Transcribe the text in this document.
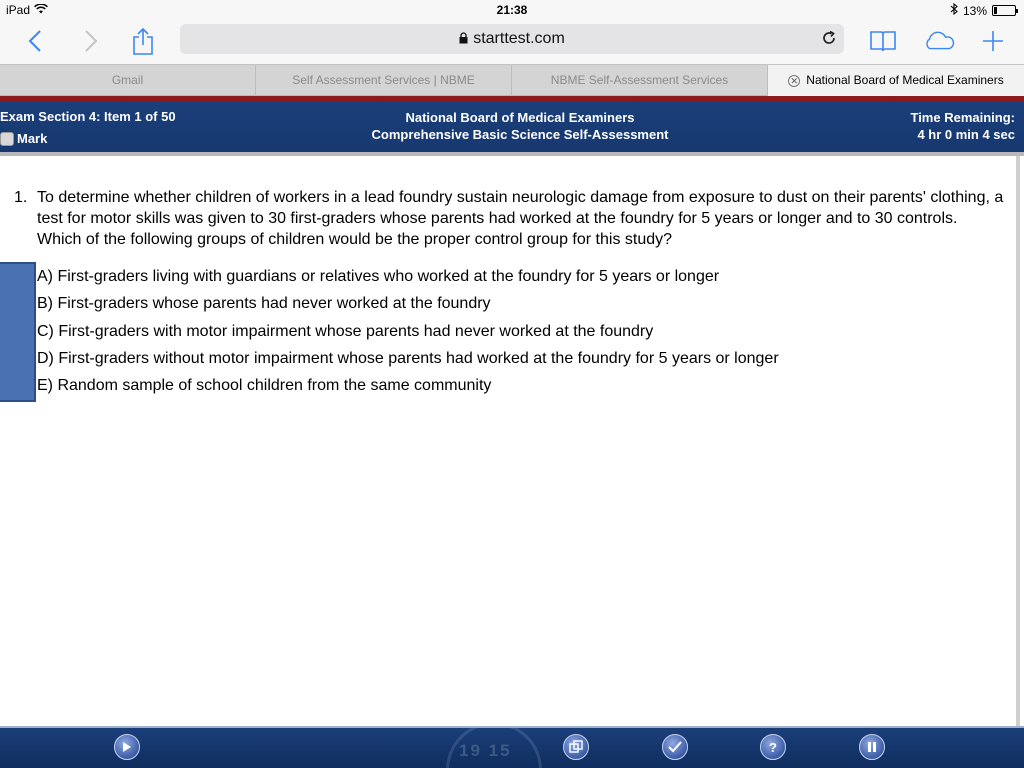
iPad	21:38	13%
starttest.com
Gmail	Self Assessment Services | NBME	NBME Self-Assessment Services	✕ National Board of Medical Examiners
Exam Section 4: Item 1 of 50
Mark
National Board of Medical Examiners
Comprehensive Basic Science Self-Assessment
Time Remaining:
4 hr 0 min 4 sec
1. To determine whether children of workers in a lead foundry sustain neurologic damage from exposure to dust on their parents' clothing, a test for motor skills was given to 30 first-graders whose parents had worked at the foundry for 5 years or longer and to 30 controls. Which of the following groups of children would be the proper control group for this study?
A) First-graders living with guardians or relatives who worked at the foundry for 5 years or longer
B) First-graders whose parents had never worked at the foundry
C) First-graders with motor impairment whose parents had never worked at the foundry
D) First-graders without motor impairment whose parents had worked at the foundry for 5 years or longer
E) Random sample of school children from the same community
19 15	?
